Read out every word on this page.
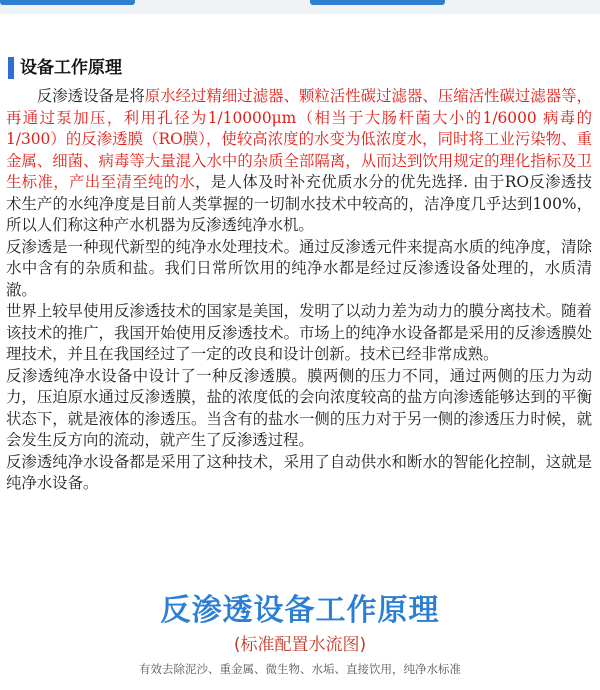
设备工作原理

反渗透设备是将原水经过精细过滤器、颗粒活性碳过滤器、压缩活性碳过滤器等，再通过泵加压，利用孔径为1/10000μm（相当于大肠杆菌大小的1/6000 病毒的1/300）的反渗透膜（RO膜），使较高浓度的水变为低浓度水，同时将工业污染物、重金属、细菌、病毒等大量混入水中的杂质全部隔离，从而达到饮用规定的理化指标及卫生标准，产出至清至纯的水，是人体及时补充优质水分的优先选择. 由于RO反渗透技术生产的水纯净度是目前人类掌握的一切制水技术中较高的，洁净度几乎达到100%，所以人们称这种产水机器为反渗透纯净水机。

反渗透是一种现代新型的纯净水处理技术。通过反渗透元件来提高水质的纯净度，清除水中含有的杂质和盐。我们日常所饮用的纯净水都是经过反渗透设备处理的，水质清澈。

世界上较早使用反渗透技术的国家是美国，发明了以动力差为动力的膜分离技术。随着该技术的推广，我国开始使用反渗透技术。市场上的纯净水设备都是采用的反渗透膜处理技术，并且在我国经过了一定的改良和设计创新。技术已经非常成熟。

反渗透纯净水设备中设计了一种反渗透膜。膜两侧的压力不同，通过两侧的压力为动力，压迫原水通过反渗透膜，盐的浓度低的会向浓度较高的盐方向渗透能够达到的平衡状态下，就是液体的渗透压。当含有的盐水一侧的压力对于另一侧的渗透压力时候，就会发生反方向的流动，就产生了反渗透过程。

反渗透纯净水设备都是采用了这种技术，采用了自动供水和断水的智能化控制，这就是纯净水设备。

反渗透设备工作原理
(标准配置水流图)
有效去除泥沙、重金属、微生物、水垢、直接饮用，纯净水标准
